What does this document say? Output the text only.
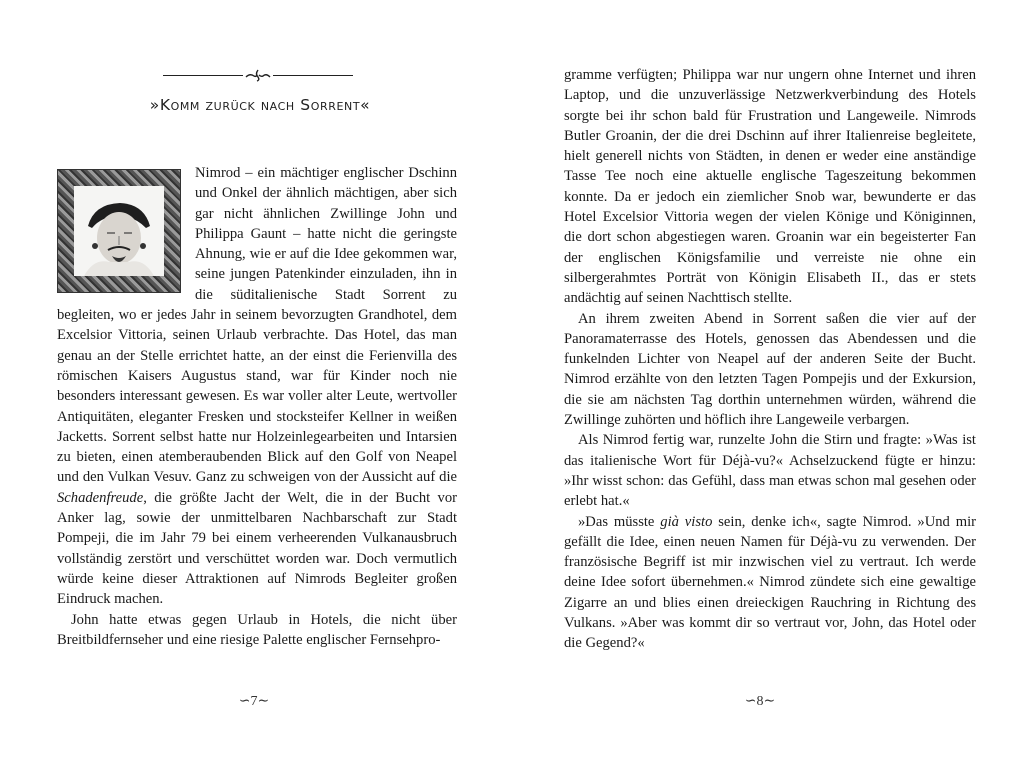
»Komm zurück nach Sorrent«

Nimrod – ein mächtiger englischer Dschinn und Onkel der ähnlich mächtigen, aber sich gar nicht ähnlichen Zwillinge John und Philippa Gaunt – hatte nicht die geringste Ahnung, wie er auf die Idee gekommen war, seine jungen Patenkinder einzuladen, ihn in die süditalienische Stadt Sorrent zu begleiten, wo er jedes Jahr in seinem bevorzugten Grandhotel, dem Excelsior Vittoria, seinen Urlaub verbrachte. Das Hotel, das man genau an der Stelle errichtet hatte, an der einst die Ferienvilla des römischen Kaisers Augustus stand, war für Kinder noch nie besonders interessant gewesen. Es war voller alter Leute, wertvoller Antiquitäten, eleganter Fresken und stocksteifer Kellner in weißen Jacketts. Sorrent selbst hatte nur Holzeinlegearbeiten und Intarsien zu bieten, einen atemberaubenden Blick auf den Golf von Neapel und den Vulkan Vesuv. Ganz zu schweigen von der Aussicht auf die Schadenfreude, die größte Jacht der Welt, die in der Bucht vor Anker lag, sowie der unmittelbaren Nachbarschaft zur Stadt Pompeji, die im Jahr 79 bei einem verheerenden Vulkanausbruch vollständig zerstört und verschüttet worden war. Doch vermutlich würde keine dieser Attraktionen auf Nimrods Begleiter großen Eindruck machen.

John hatte etwas gegen Urlaub in Hotels, die nicht über Breitbildfernseher und eine riesige Palette englischer Fernsehpro-

∽7∼

gramme verfügten; Philippa war nur ungern ohne Internet und ihren Laptop, und die unzuverlässige Netzwerkverbindung des Hotels sorgte bei ihr schon bald für Frustration und Langeweile. Nimrods Butler Groanin, der die drei Dschinn auf ihrer Italienreise begleitete, hielt generell nichts von Städten, in denen er weder eine anständige Tasse Tee noch eine aktuelle englische Tageszeitung bekommen konnte. Da er jedoch ein ziemlicher Snob war, bewunderte er das Hotel Excelsior Vittoria wegen der vielen Könige und Königinnen, die dort schon abgestiegen waren. Groanin war ein begeisterter Fan der englischen Königsfamilie und verreiste nie ohne ein silbergerahmtes Porträt von Königin Elisabeth II., das er stets andächtig auf seinen Nachttisch stellte.

An ihrem zweiten Abend in Sorrent saßen die vier auf der Panoramaterrasse des Hotels, genossen das Abendessen und die funkelnden Lichter von Neapel auf der anderen Seite der Bucht. Nimrod erzählte von den letzten Tagen Pompejis und der Exkursion, die sie am nächsten Tag dorthin unternehmen würden, während die Zwillinge zuhörten und höflich ihre Langeweile verbargen.

Als Nimrod fertig war, runzelte John die Stirn und fragte: »Was ist das italienische Wort für Déjà-vu?« Achselzuckend fügte er hinzu: »Ihr wisst schon: das Gefühl, dass man etwas schon mal gesehen oder erlebt hat.«

»Das müsste già visto sein, denke ich«, sagte Nimrod. »Und mir gefällt die Idee, einen neuen Namen für Déjà-vu zu verwenden. Der französische Begriff ist mir inzwischen viel zu vertraut. Ich werde deine Idee sofort übernehmen.« Nimrod zündete sich eine gewaltige Zigarre an und blies einen dreieckigen Rauchring in Richtung des Vulkans. »Aber was kommt dir so vertraut vor, John, das Hotel oder die Gegend?«

∽8∼
